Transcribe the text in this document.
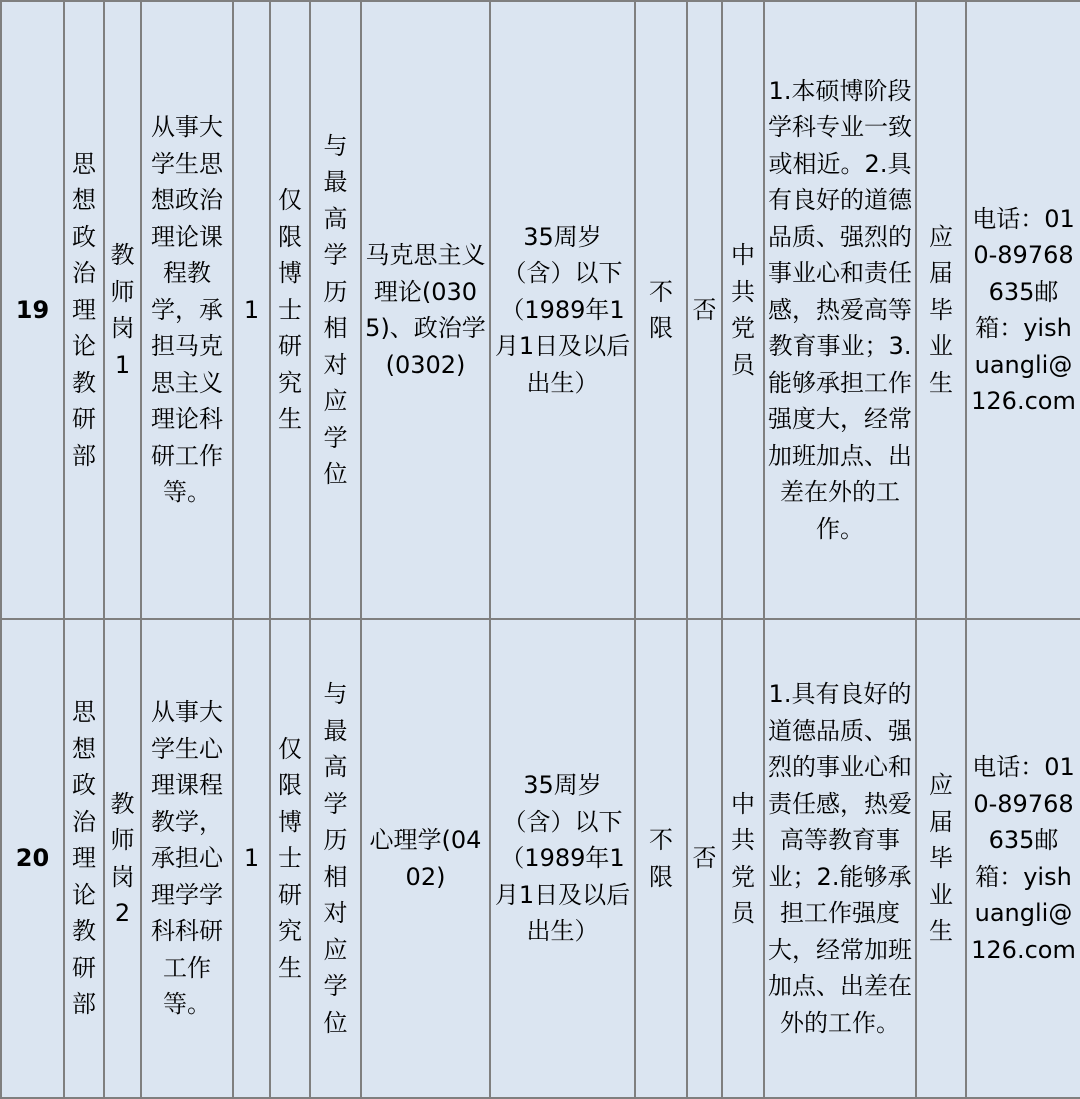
19	思想政治理论教研部	教师岗1	从事大学生思想政治理论课程教学，承担马克思主义理论科研工作等。	1	仅限博士研究生	与最高学历相对应学位	马克思主义理论(0305)、政治学(0302)	35周岁（含）以下（1989年1月1日及以后出生）	不限	否	中共党员	1.本硕博阶段学科专业一致或相近。2.具有良好的道德品质、强烈的事业心和责任感，热爱高等教育事业；3.能够承担工作强度大，经常加班加点、出差在外的工作。	应届毕业生	电话：010-89768635邮箱：yishuangli@126.com
20	思想政治理论教研部	教师岗2	从事大学生心理课程教学，承担心理学学科科研工作等。	1	仅限博士研究生	与最高学历相对应学位	心理学(0402)	35周岁（含）以下（1989年1月1日及以后出生）	不限	否	中共党员	1.具有良好的道德品质、强烈的事业心和责任感，热爱高等教育事业；2.能够承担工作强度大，经常加班加点、出差在外的工作。	应届毕业生	电话：010-89768635邮箱：yishuangli@126.com
